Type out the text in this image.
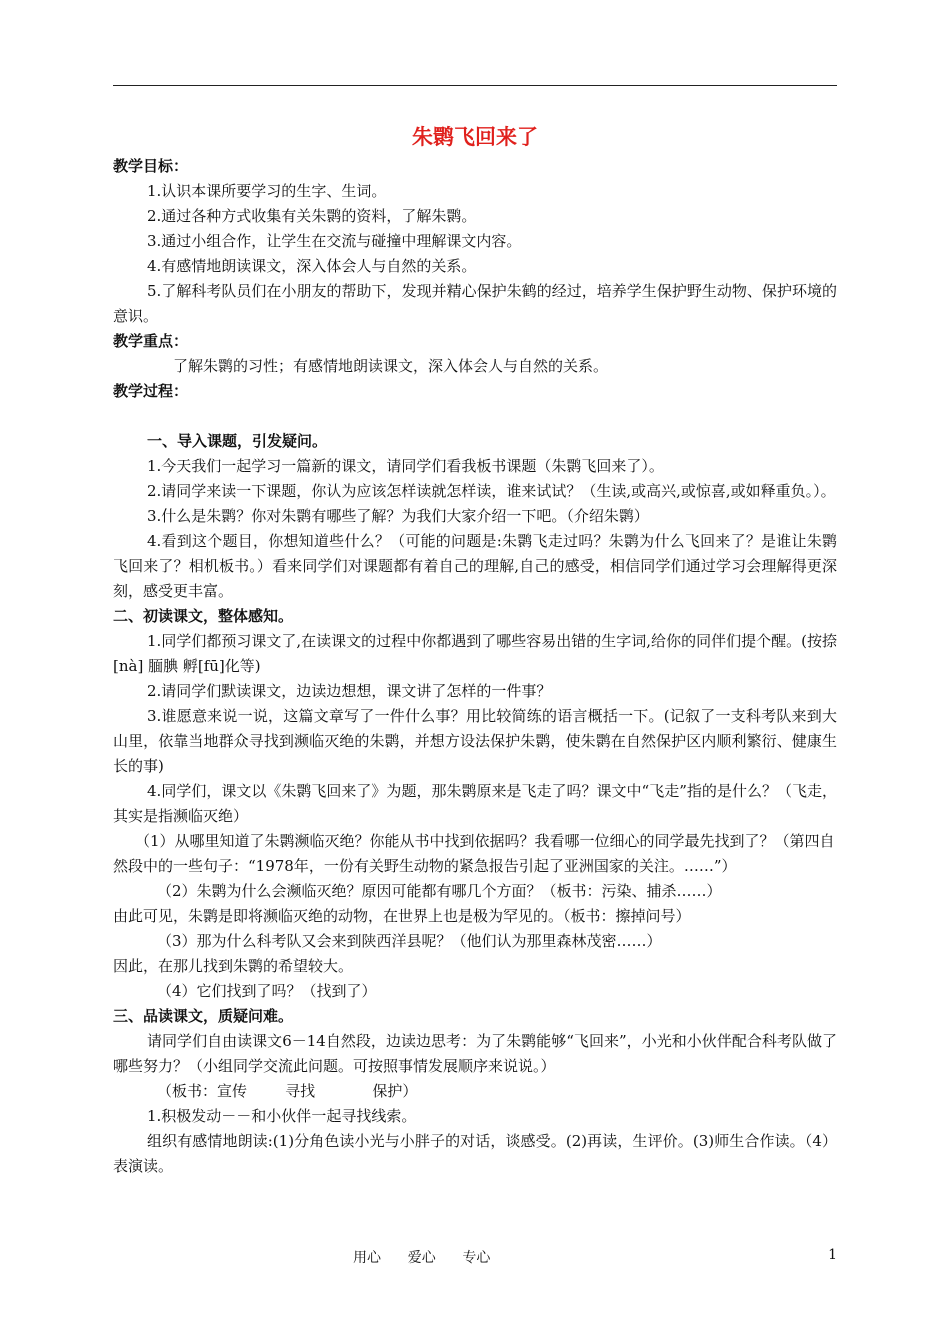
朱鹮飞回来了
教学目标：

1.认识本课所要学习的生字、生词。

2.通过各种方式收集有关朱鹮的资料，了解朱鹮。

3.通过小组合作，让学生在交流与碰撞中理解课文内容。

4.有感情地朗读课文，深入体会人与自然的关系。

5.了解科考队员们在小朋友的帮助下，发现并精心保护朱鹤的经过，培养学生保护野生动物、保护环境的意识。

教学重点：

了解朱鹮的习性；有感情地朗读课文，深入体会人与自然的关系。

教学过程：

一、导入课题，引发疑问。

1.今天我们一起学习一篇新的课文，请同学们看我板书课题（朱鹮飞回来了）。

2.请同学来读一下课题，你认为应该怎样读就怎样读，谁来试试？（生读,或高兴,或惊喜,或如释重负。）。

3.什么是朱鹮？你对朱鹮有哪些了解？为我们大家介绍一下吧。（介绍朱鹮）

4.看到这个题目，你想知道些什么？（可能的问题是:朱鹮飞走过吗？朱鹮为什么飞回来了？是谁让朱鹮飞回来了？相机板书。）看来同学们对课题都有着自己的理解,自己的感受，相信同学们通过学习会理解得更深刻，感受更丰富。

二、初读课文，整体感知。

1.同学们都预习课文了,在读课文的过程中你都遇到了哪些容易出错的生字词,给你的同伴们提个醒。(按捺[nà] 腼腆 孵[fū]化等)

2.请同学们默读课文，边读边想想，课文讲了怎样的一件事？

3.谁愿意来说一说，这篇文章写了一件什么事？用比较简练的语言概括一下。(记叙了一支科考队来到大山里，依靠当地群众寻找到濒临灭绝的朱鹮，并想方设法保护朱鹮，使朱鹮在自然保护区内顺利繁衍、健康生长的事)

4.同学们，课文以《朱鹮飞回来了》为题，那朱鹮原来是飞走了吗？课文中“飞走”指的是什么？（飞走，其实是指濒临灭绝）

（1）从哪里知道了朱鹮濒临灭绝？你能从书中找到依据吗？我看哪一位细心的同学最先找到了？（第四自然段中的一些句子：“1978年，一份有关野生动物的紧急报告引起了亚洲国家的关注。……”）

（2）朱鹮为什么会濒临灭绝？原因可能都有哪几个方面？（板书：污染、捕杀……）

由此可见，朱鹮是即将濒临灭绝的动物，在世界上也是极为罕见的。（板书：擦掉问号）

（3）那为什么科考队又会来到陕西洋县呢？（他们认为那里森林茂密……）

因此，在那儿找到朱鹮的希望较大。

（4）它们找到了吗？（找到了）

三、品读课文，质疑问难。

请同学们自由读课文6－14自然段，边读边思考：为了朱鹮能够“飞回来”，小光和小伙伴配合科考队做了哪些努力？（小组同学交流此问题。可按照事情发展顺序来说说。）

（板书：宣传        寻找            保护）

1.积极发动－－和小伙伴一起寻找线索。

组织有感情地朗读:(1)分角色读小光与小胖子的对话，谈感受。(2)再读，生评价。(3)师生合作读。（4）表演读。

用心      爱心      专心	1
